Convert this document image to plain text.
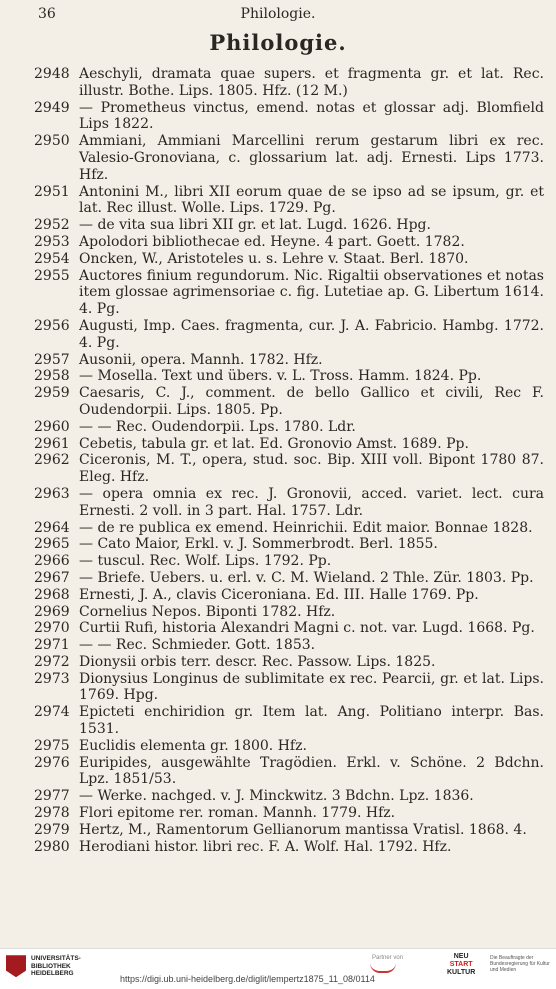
36	Philologie.
Philologie.
2948 Aeschyli, dramata quae supers. et fragmenta gr. et lat. Rec. illustr. Bothe. Lips. 1805. Hfz. (12 M.)
2949 — Prometheus vinctus, emend. notas et glossar adj. Blomfield Lips 1822.
2950 Ammiani, Ammiani Marcellini rerum gestarum libri ex rec. Valesio-Gronoviana, c. glossarium lat. adj. Ernesti. Lips 1773. Hfz.
2951 Antonini M., libri XII eorum quae de se ipso ad se ipsum, gr. et lat. Rec illust. Wolle. Lips. 1729. Pg.
2952 — de vita sua libri XII gr. et lat. Lugd. 1626. Hpg.
2953 Apolodori bibliothecae ed. Heyne. 4 part. Goett. 1782.
2954 Oncken, W., Aristoteles u. s. Lehre v. Staat. Berl. 1870.
2955 Auctores finium regundorum. Nic. Rigaltii observationes et notas item glossae agrimensoriae c. fig. Lutetiae ap. G. Libertum 1614. 4. Pg.
2956 Augusti, Imp. Caes. fragmenta, cur. J. A. Fabricio. Hambg. 1772. 4. Pg.
2957 Ausonii, opera. Mannh. 1782. Hfz.
2958 — Mosella. Text und übers. v. L. Tross. Hamm. 1824. Pp.
2959 Caesaris, C. J., comment. de bello Gallico et civili, Rec F. Oudendorpii. Lips. 1805. Pp.
2960 — — Rec. Oudendorpii. Lps. 1780. Ldr.
2961 Cebetis, tabula gr. et lat. Ed. Gronovio Amst. 1689. Pp.
2962 Ciceronis, M. T., opera, stud. soc. Bip. XIII voll. Bipont 1780 87. Eleg. Hfz.
2963 — opera omnia ex rec. J. Gronovii, acced. variet. lect. cura Ernesti. 2 voll. in 3 part. Hal. 1757. Ldr.
2964 — de re publica ex emend. Heinrichii. Edit maior. Bonnae 1828.
2965 — Cato Maior, Erkl. v. J. Sommerbrodt. Berl. 1855.
2966 — tuscul. Rec. Wolf. Lips. 1792. Pp.
2967 — Briefe. Uebers. u. erl. v. C. M. Wieland. 2 Thle. Zür. 1803. Pp.
2968 Ernesti, J. A., clavis Ciceroniana. Ed. III. Halle 1769. Pp.
2969 Cornelius Nepos. Biponti 1782. Hfz.
2970 Curtii Rufi, historia Alexandri Magni c. not. var. Lugd. 1668. Pg.
2971 — — Rec. Schmieder. Gott. 1853.
2972 Dionysii orbis terr. descr. Rec. Passow. Lips. 1825.
2973 Dionysius Longinus de sublimitate ex rec. Pearcii, gr. et lat. Lips. 1769. Hpg.
2974 Epicteti enchiridion gr. Item lat. Ang. Politiano interpr. Bas. 1531.
2975 Euclidis elementa gr. 1800. Hfz.
2976 Euripides, ausgewählte Tragödien. Erkl. v. Schöne. 2 Bdchn. Lpz. 1851/53.
2977 — Werke. nachged. v. J. Minckwitz. 3 Bdchn. Lpz. 1836.
2978 Flori epitome rer. roman. Mannh. 1779. Hfz.
2979 Hertz, M., Ramentorum Gellianorum mantissa Vratisl. 1868. 4.
2980 Herodiani histor. libri rec. F. A. Wolf. Hal. 1792. Hfz.
UNIVERSITÄTS-
BIBLIOTHEK
HEIDELBERG
https://digi.ub.uni-heidelberg.de/diglit/lempertz1875_11_08/0114
Partner von	NEU
START
KULTUR
Die Beauftragte der Bundesregierung für Kultur und Medien
